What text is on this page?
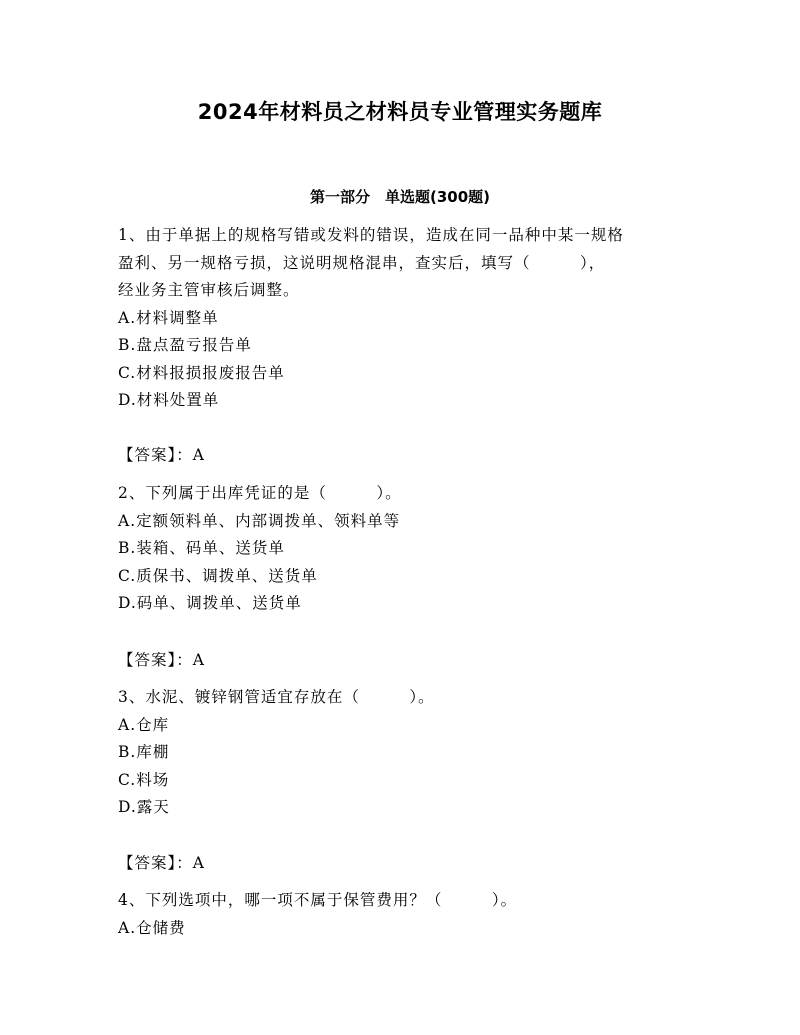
2024年材料员之材料员专业管理实务题库
第一部分　单选题(300题)

1、由于单据上的规格写错或发料的错误，造成在同一品种中某一规格

盈利、另一规格亏损，这说明规格混串，查实后，填写（　　　），

经业务主管审核后调整。

A.材料调整单

B.盘点盈亏报告单

C.材料报损报废报告单

D.材料处置单

【答案】：A

2、下列属于出库凭证的是（　　　）。

A.定额领料单、内部调拨单、领料单等

B.装箱、码单、送货单

C.质保书、调拨单、送货单

D.码单、调拨单、送货单

【答案】：A

3、水泥、镀锌钢管适宜存放在（　　　）。

A.仓库

B.库棚

C.料场

D.露天

【答案】：A

4、下列选项中，哪一项不属于保管费用？（　　　）。

A.仓储费
